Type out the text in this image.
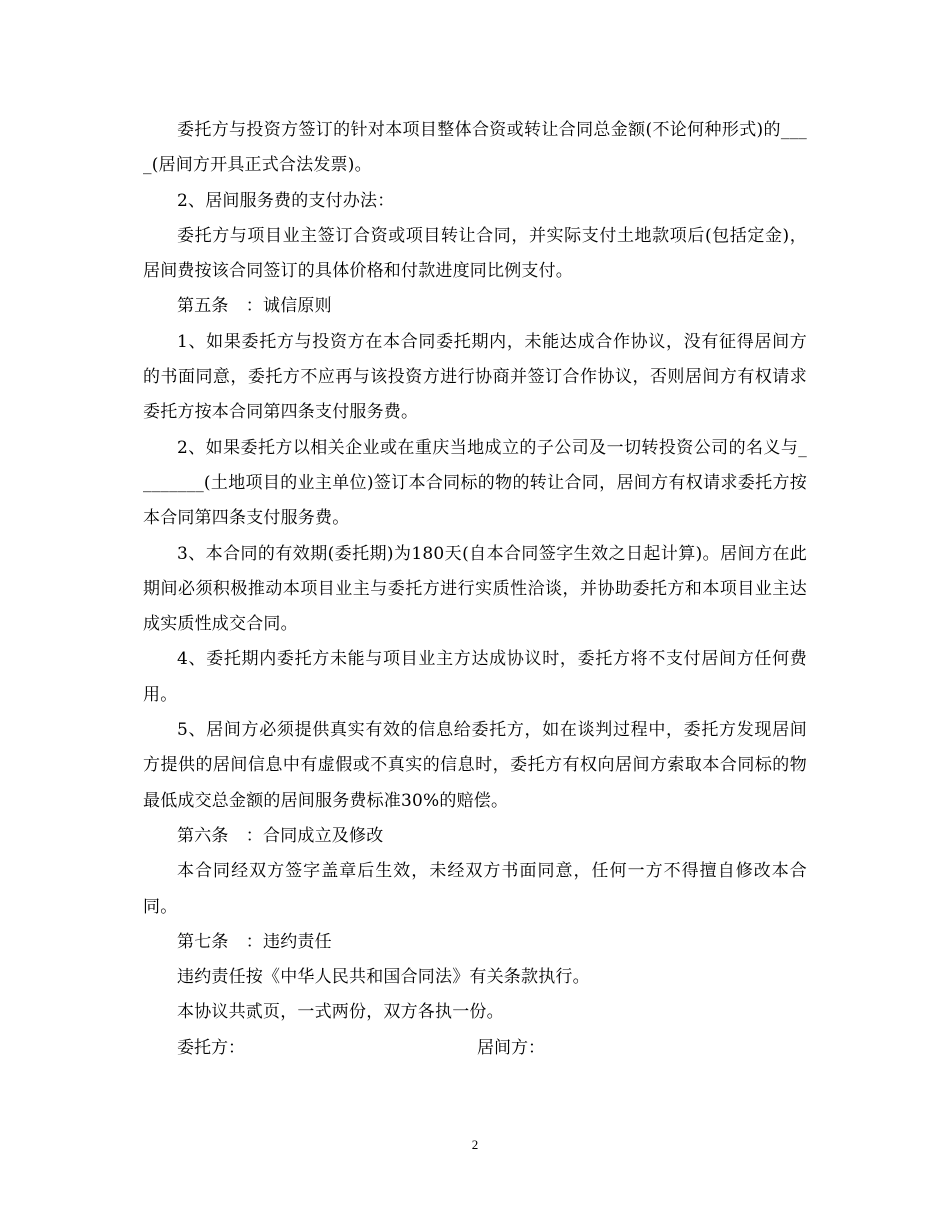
委托方与投资方签订的针对本项目整体合资或转让合同总金额(不论何种形式)的____(居间方开具正式合法发票)。

2、居间服务费的支付办法：

委托方与项目业主签订合资或项目转让合同，并实际支付土地款项后(包括定金)，居间费按该合同签订的具体价格和付款进度同比例支付。

第五条　：诚信原则

1、如果委托方与投资方在本合同委托期内，未能达成合作协议，没有征得居间方的书面同意，委托方不应再与该投资方进行协商并签订合作协议，否则居间方有权请求委托方按本合同第四条支付服务费。

2、如果委托方以相关企业或在重庆当地成立的子公司及一切转投资公司的名义与________(土地项目的业主单位)签订本合同标的物的转让合同，居间方有权请求委托方按本合同第四条支付服务费。

3、本合同的有效期(委托期)为180天(自本合同签字生效之日起计算)。居间方在此期间必须积极推动本项目业主与委托方进行实质性洽谈，并协助委托方和本项目业主达成实质性成交合同。

4、委托期内委托方未能与项目业主方达成协议时，委托方将不支付居间方任何费用。

5、居间方必须提供真实有效的信息给委托方，如在谈判过程中，委托方发现居间方提供的居间信息中有虚假或不真实的信息时，委托方有权向居间方索取本合同标的物最低成交总金额的居间服务费标准30%的赔偿。

第六条　：合同成立及修改

本合同经双方签字盖章后生效，未经双方书面同意，任何一方不得擅自修改本合同。

第七条　：违约责任

违约责任按《中华人民共和国合同法》有关条款执行。

本协议共贰页，一式两份，双方各执一份。

委托方：	居间方：
2
